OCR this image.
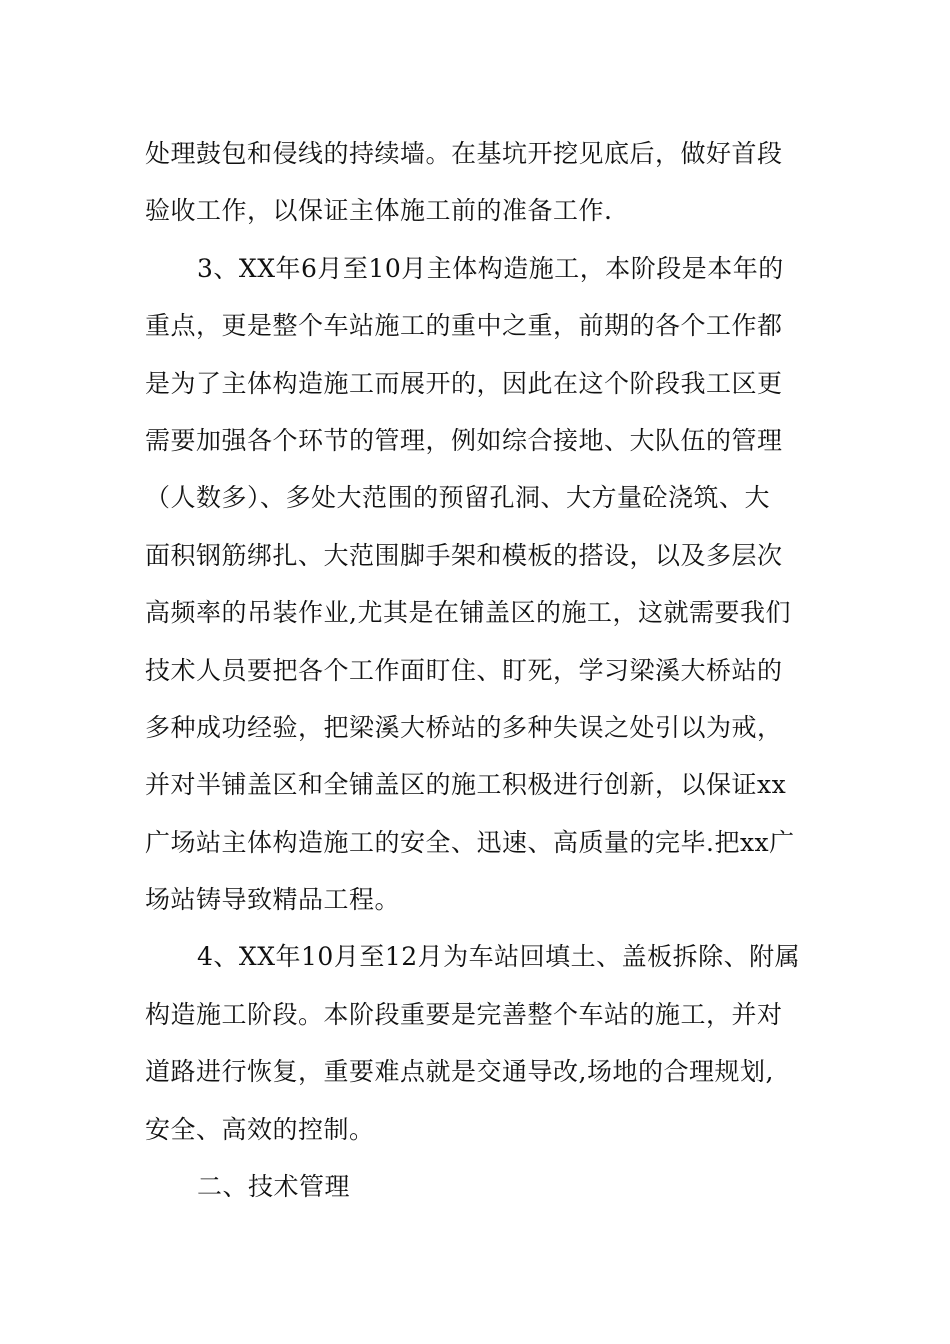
处理鼓包和侵线的持续墙。在基坑开挖见底后，做好首段
验收工作，以保证主体施工前的准备工作.
3、XX年6月至10月主体构造施工，本阶段是本年的
重点，更是整个车站施工的重中之重，前期的各个工作都
是为了主体构造施工而展开的，因此在这个阶段我工区更
需要加强各个环节的管理，例如综合接地、大队伍的管理
（人数多）、多处大范围的预留孔洞、大方量砼浇筑、大
面积钢筋绑扎、大范围脚手架和模板的搭设，以及多层次
高频率的吊装作业,尤其是在铺盖区的施工，这就需要我们
技术人员要把各个工作面盯住、盯死，学习梁溪大桥站的
多种成功经验，把梁溪大桥站的多种失误之处引以为戒，
并对半铺盖区和全铺盖区的施工积极进行创新，以保证xx
广场站主体构造施工的安全、迅速、高质量的完毕.把xx广
场站铸导致精品工程。
4、XX年10月至12月为车站回填土、盖板拆除、附属
构造施工阶段。本阶段重要是完善整个车站的施工，并对
道路进行恢复，重要难点就是交通导改,场地的合理规划,
安全、高效的控制。
二、技术管理
